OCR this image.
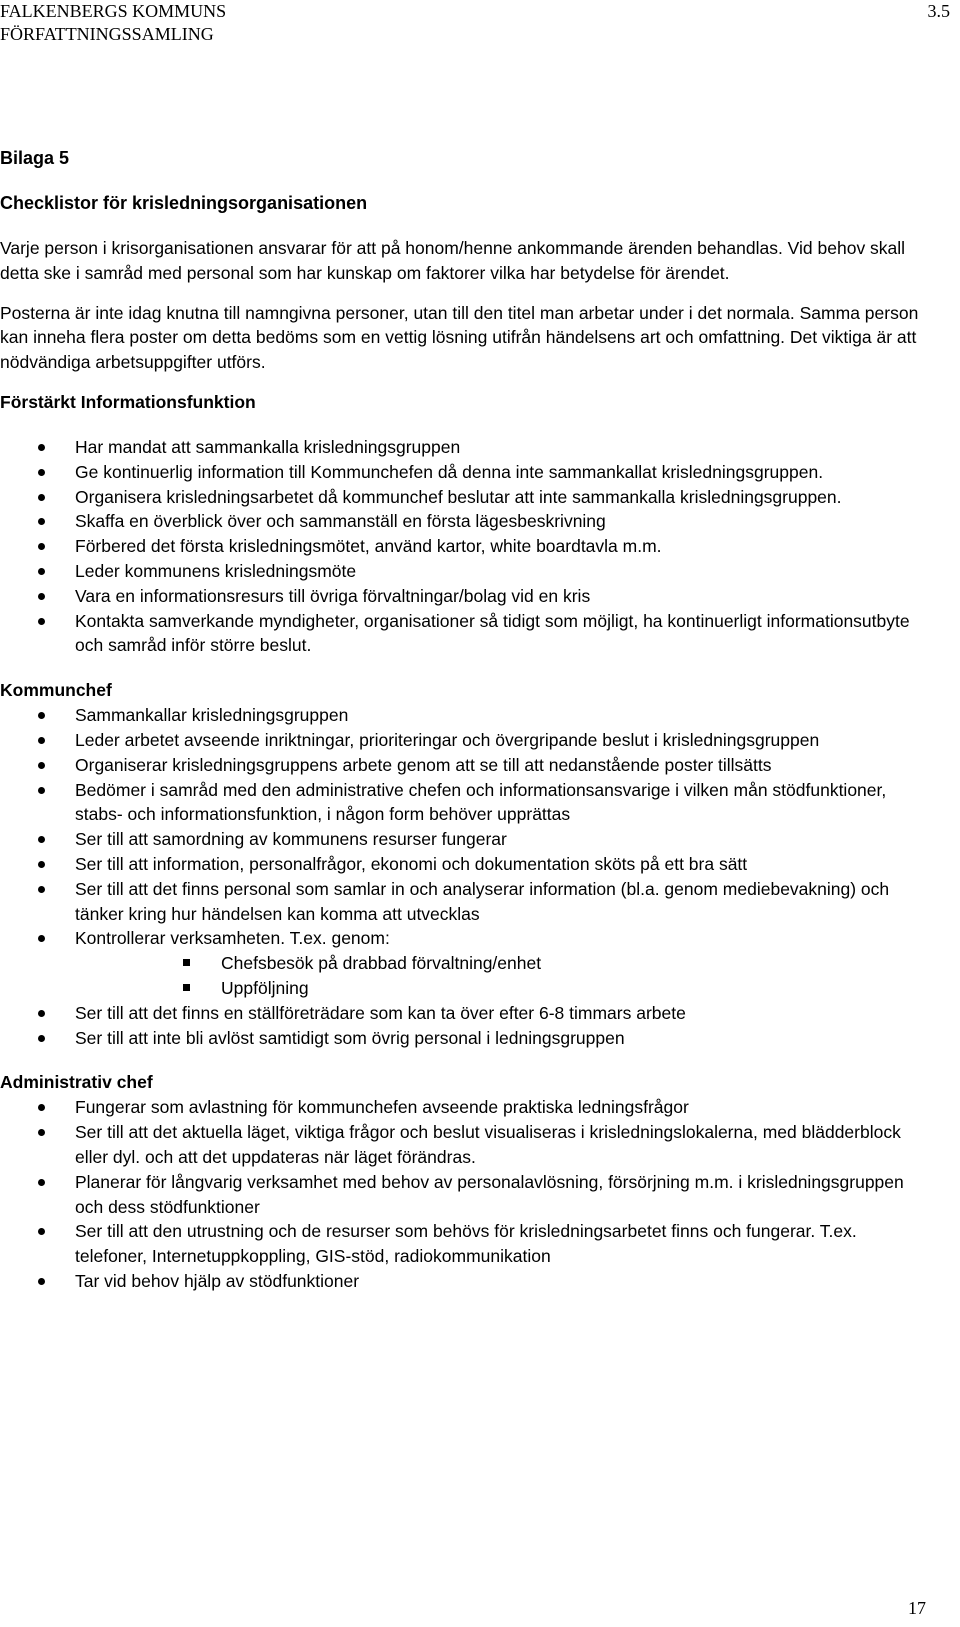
FALKENBERGS KOMMUNS
FÖRFATTNINGSSAMLING
3.5
Bilaga 5
Checklistor för krisledningsorganisationen

Varje person i krisorganisationen ansvarar för att på honom/henne ankommande ärenden behandlas. Vid behov skall detta ske i samråd med personal som har kunskap om faktorer vilka har betydelse för ärendet.

Posterna är inte idag knutna till namngivna personer, utan till den titel man arbetar under i det normala. Samma person kan inneha flera poster om detta bedöms som en vettig lösning utifrån händelsens art och omfattning. Det viktiga är att nödvändiga arbetsuppgifter utförs.

Förstärkt Informationsfunktion
Har mandat att sammankalla krisledningsgruppen
Ge kontinuerlig information till Kommunchefen då denna inte sammankallat krisledningsgruppen.
Organisera krisledningsarbetet då kommunchef beslutar att inte sammankalla krisledningsgruppen.
Skaffa en överblick över och sammanställ en första lägesbeskrivning
Förbered det första krisledningsmötet, använd kartor, white boardtavla m.m.
Leder kommunens krisledningsmöte
Vara en informationsresurs till övriga förvaltningar/bolag vid en kris
Kontakta samverkande myndigheter, organisationer så tidigt som möjligt, ha kontinuerligt informationsutbyte och samråd inför större beslut.
Kommunchef
Sammankallar krisledningsgruppen
Leder arbetet avseende inriktningar, prioriteringar och övergripande beslut i krisledningsgruppen
Organiserar krisledningsgruppens arbete genom att se till att nedanstående poster tillsätts
Bedömer i samråd med den administrative chefen och informationsansvarige i vilken mån stödfunktioner, stabs- och informationsfunktion, i någon form behöver upprättas
Ser till att samordning av kommunens resurser fungerar
Ser till att information, personalfrågor, ekonomi och dokumentation sköts på ett bra sätt
Ser till att det finns personal som samlar in och analyserar information (bl.a. genom mediebevakning) och tänker kring hur händelsen kan komma att utvecklas
Kontrollerar verksamheten. T.ex. genom:
Chefsbesök på drabbad förvaltning/enhet
Uppföljning
Ser till att det finns en ställföreträdare som kan ta över efter 6-8 timmars arbete
Ser till att inte bli avlöst samtidigt som övrig personal i ledningsgruppen
Administrativ chef
Fungerar som avlastning för kommunchefen avseende praktiska ledningsfrågor
Ser till att det aktuella läget, viktiga frågor och beslut visualiseras i krisledningslokalerna, med blädderblock eller dyl. och att det uppdateras när läget förändras.
Planerar för långvarig verksamhet med behov av personalavlösning, försörjning m.m. i krisledningsgruppen och dess stödfunktioner
Ser till att den utrustning och de resurser som behövs för krisledningsarbetet finns och fungerar. T.ex. telefoner, Internetuppkoppling, GIS-stöd, radiokommunikation
Tar vid behov hjälp av stödfunktioner
17
